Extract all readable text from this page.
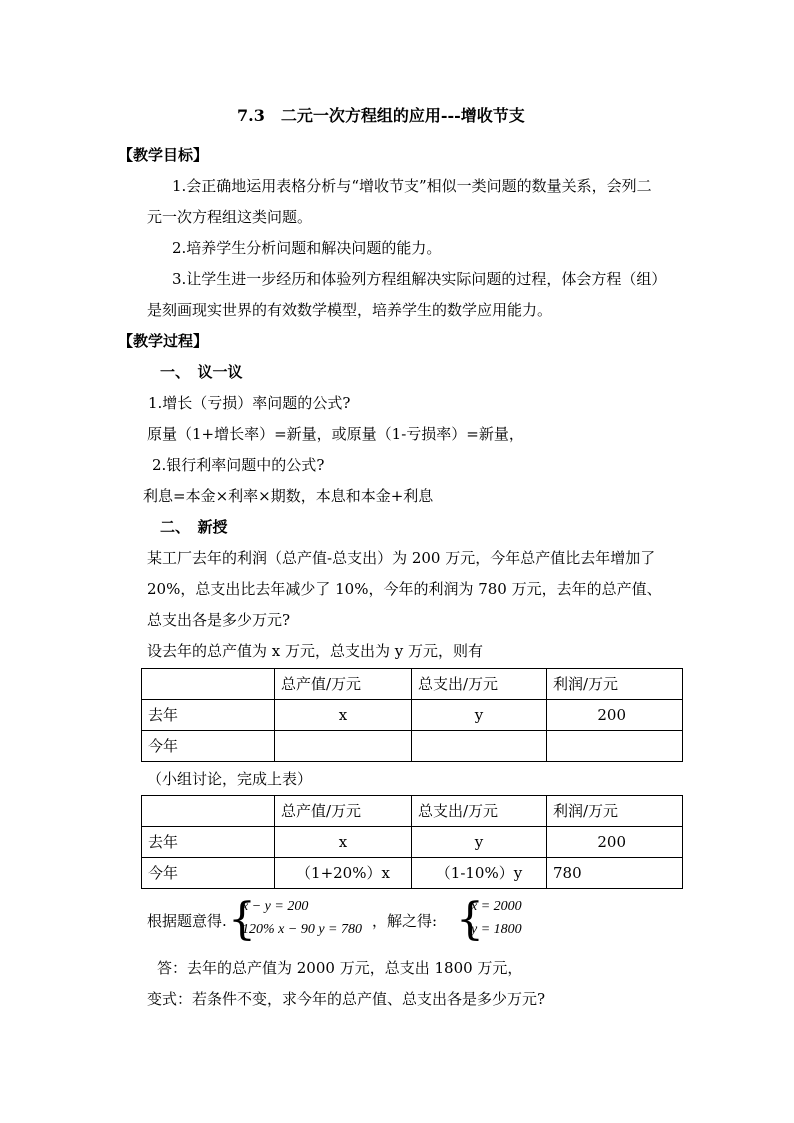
7.3　二元一次方程组的应用---增收节支
【教学目标】
1.会正确地运用表格分析与“增收节支”相似一类问题的数量关系，会列二
元一次方程组这类问题。
2.培养学生分析问题和解决问题的能力。
3.让学生进一步经历和体验列方程组解决实际问题的过程，体会方程（组）
是刻画现实世界的有效数学模型，培养学生的数学应用能力。
【教学过程】
一、　议一议
1.增长（亏损）率问题的公式?
原量（1+增长率）=新量，或原量（1-亏损率）=新量，
2.银行利率问题中的公式?
利息=本金×利率×期数，本息和本金+利息
二、　新授
某工厂去年的利润（总产值-总支出）为 200 万元，今年总产值比去年增加了
20%，总支出比去年减少了 10%，今年的利润为 780 万元，去年的总产值、
总支出各是多少万元?
设去年的总产值为 x 万元，总支出为 y 万元，则有
	总产值/万元	总支出/万元	利润/万元
去年	x	y	200
今年			
（小组讨论，完成上表）
	总产值/万元	总支出/万元	利润/万元
去年	x	y	200
今年	（1+20%）x	（1-10%）y	780
根据题意得. {
x − y = 200
120% x − 90 y = 780 ，解之得: {
x = 2000
y = 1800
答：去年的总产值为 2000 万元，总支出 1800 万元，
变式：若条件不变，求今年的总产值、总支出各是多少万元?
